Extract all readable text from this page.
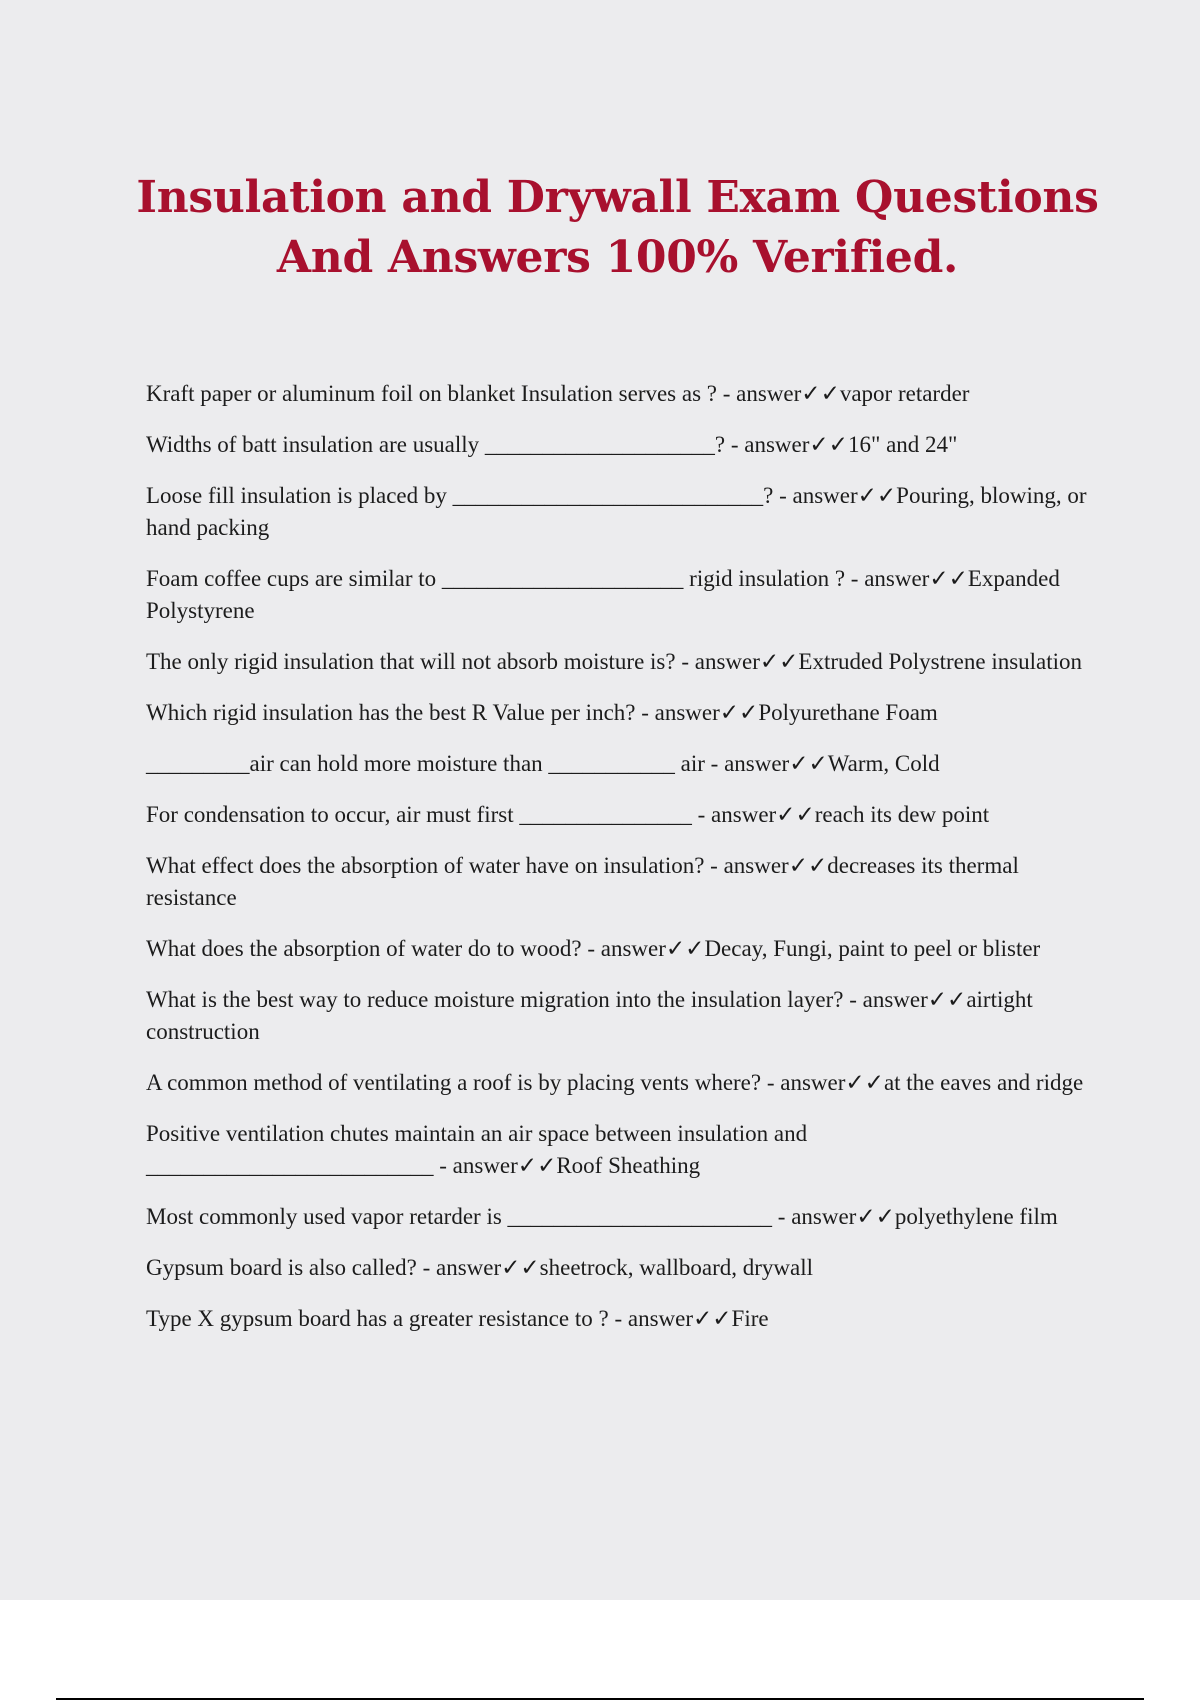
Insulation and Drywall Exam Questions And Answers 100% Verified.
Kraft paper or aluminum foil on blanket Insulation serves as ? - answer✓✓vapor retarder
Widths of batt insulation are usually ____________________? - answer✓✓16" and 24"
Loose fill insulation is placed by ___________________________? - answer✓✓Pouring, blowing, or hand packing
Foam coffee cups are similar to _____________________ rigid insulation ? - answer✓✓Expanded Polystyrene
The only rigid insulation that will not absorb moisture is? - answer✓✓Extruded Polystrene insulation
Which rigid insulation has the best R Value per inch? - answer✓✓Polyurethane Foam
_________air can hold more moisture than ___________ air - answer✓✓Warm, Cold
For condensation to occur, air must first _______________ - answer✓✓reach its dew point
What effect does the absorption of water have on insulation? - answer✓✓decreases its thermal resistance
What does the absorption of water do to wood? - answer✓✓Decay, Fungi, paint to peel or blister
What is the best way to reduce moisture migration into the insulation layer? - answer✓✓airtight construction
A common method of ventilating a roof is by placing vents where? - answer✓✓at the eaves and ridge
Positive ventilation chutes maintain an air space between insulation and _________________________ - answer✓✓Roof Sheathing
Most commonly used vapor retarder is _______________________ - answer✓✓polyethylene film
Gypsum board is also called? - answer✓✓sheetrock, wallboard, drywall
Type X gypsum board has a greater resistance to ? - answer✓✓Fire
